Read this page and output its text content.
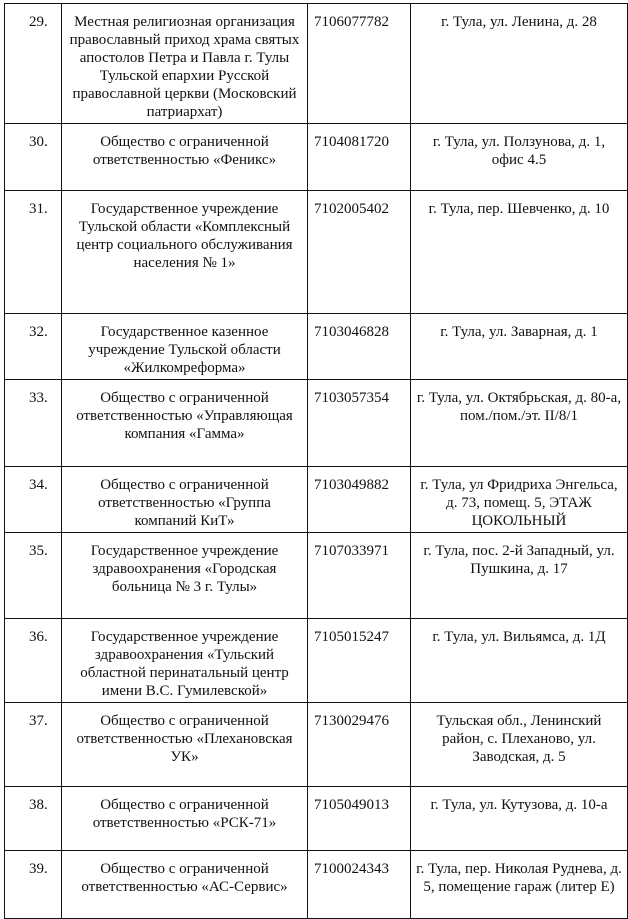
29.	Местная религиозная организация православный приход храма святых апостолов Петра и Павла г. Тулы Тульской епархии Русской православной церкви (Московский патриархат)	7106077782	г. Тула, ул. Ленина, д. 28
30.	Общество с ограниченной ответственностью «Феникс»	7104081720	г. Тула, ул. Ползунова, д. 1, офис 4.5
31.	Государственное учреждение Тульской области «Комплексный центр социального обслуживания населения № 1»	7102005402	г. Тула, пер. Шевченко, д. 10
32.	Государственное казенное учреждение Тульской области «Жилкомреформа»	7103046828	г. Тула, ул. Заварная, д. 1
33.	Общество с ограниченной ответственностью «Управляющая компания «Гамма»	7103057354	г. Тула, ул. Октябрьская, д. 80-а, пом./пом./эт. II/8/1
34.	Общество с ограниченной ответственностью «Группа компаний КиТ»	7103049882	г. Тула, ул Фридриха Энгельса, д. 73, помещ. 5, ЭТАЖ ЦОКОЛЬНЫЙ
35.	Государственное учреждение здравоохранения «Городская больница № 3 г. Тулы»	7107033971	г. Тула, пос. 2-й Западный, ул. Пушкина, д. 17
36.	Государственное учреждение здравоохранения «Тульский областной перинатальный центр имени В.С. Гумилевской»	7105015247	г. Тула, ул. Вильямса, д. 1Д
37.	Общество с ограниченной ответственностью «Плехановская УК»	7130029476	Тульская обл., Ленинский район, с. Плеханово, ул. Заводская, д. 5
38.	Общество с ограниченной ответственностью «РСК-71»	7105049013	г. Тула, ул. Кутузова, д. 10-а
39.	Общество с ограниченной ответственностью «АС-Сервис»	7100024343	г. Тула, пер. Николая Руднева, д. 5, помещение гараж (литер Е)
